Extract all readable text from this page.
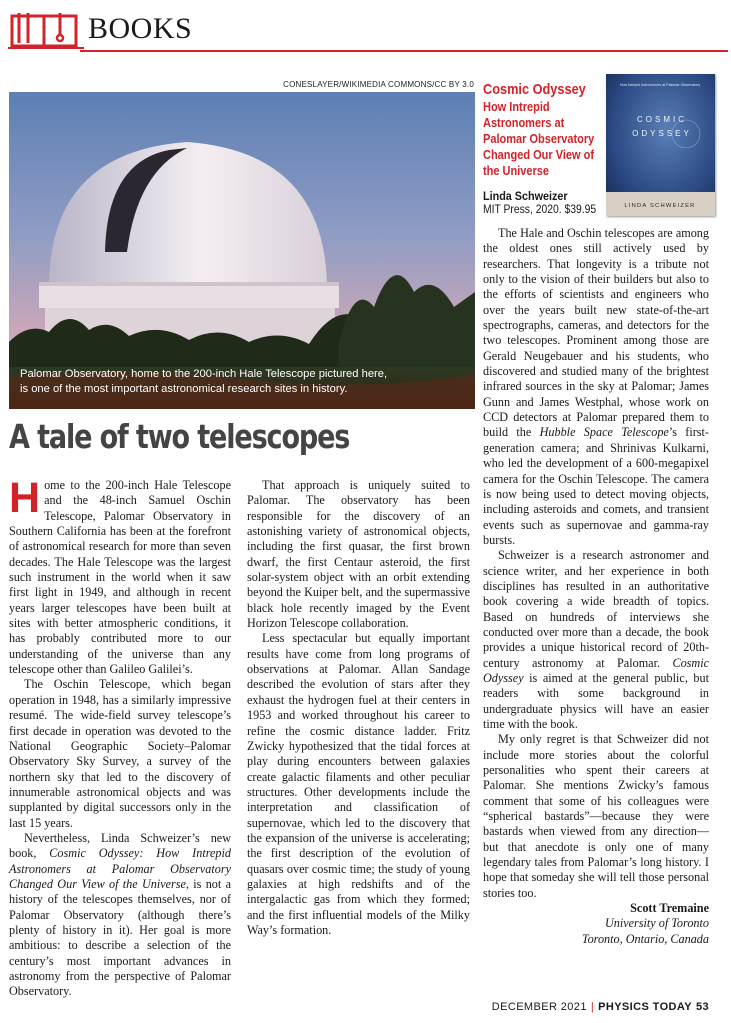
BOOKS
CONESLAYER/WIKIMEDIA COMMONS/CC BY 3.0
Palomar Observatory, home to the 200-inch Hale Telescope pictured here,
is one of the most important astronomical research sites in history.
A tale of two telescopes
Cosmic Odyssey
How Intrepid Astronomers at Palomar Observatory Changed Our View of the Universe
Linda Schweizer
MIT Press, 2020. $39.95
How Intrepid Astronomers at Palomar Observatory
COSMIC
ODYSSEY
LINDA SCHWEIZER

Home to the 200-inch Hale Telescope and the 48-inch Samuel Oschin Telescope, Palomar Observatory in Southern California has been at the forefront of astronomical research for more than seven decades. The Hale Telescope was the largest such instrument in the world when it saw first light in 1949, and although in recent years larger telescopes have been built at sites with better atmospheric conditions, it has probably contributed more to our understanding of the universe than any telescope other than Galileo Galilei’s.

The Oschin Telescope, which began operation in 1948, has a similarly impressive resumé. The wide-field survey telescope’s first decade in operation was devoted to the National Geographic Society–Palomar Observatory Sky Survey, a survey of the northern sky that led to the discovery of innumerable astronomical objects and was supplanted by digital successors only in the last 15 years.

Nevertheless, Linda Schweizer’s new book, Cosmic Odyssey: How Intrepid Astronomers at Palomar Observatory Changed Our View of the Universe, is not a history of the telescopes themselves, nor of Palomar Observatory (although there’s plenty of history in it). Her goal is more ambitious: to describe a selection of the century’s most important advances in astronomy from the perspective of Palomar Observatory.

That approach is uniquely suited to Palomar. The observatory has been responsible for the discovery of an astonishing variety of astronomical objects, including the first quasar, the first brown dwarf, the first Centaur asteroid, the first solar-system object with an orbit extending beyond the Kuiper belt, and the supermassive black hole recently imaged by the Event Horizon Telescope collaboration.

Less spectacular but equally important results have come from long programs of observations at Palomar. Allan Sandage described the evolution of stars after they exhaust the hydrogen fuel at their centers in 1953 and worked throughout his career to refine the cosmic distance ladder. Fritz Zwicky hypothesized that the tidal forces at play during encounters between galaxies create galactic filaments and other peculiar structures. Other developments include the interpretation and classification of supernovae, which led to the discovery that the expansion of the universe is accelerating; the first description of the evolution of quasars over cosmic time; the study of young galaxies at high redshifts and of the intergalactic gas from which they formed; and the first influential models of the Milky Way’s formation.

The Hale and Oschin telescopes are among the oldest ones still actively used by researchers. That longevity is a tribute not only to the vision of their builders but also to the efforts of scientists and engineers who over the years built new state-of-the-art spectrographs, cameras, and detectors for the two telescopes. Prominent among those are Gerald Neugebauer and his students, who discovered and studied many of the brightest infrared sources in the sky at Palomar; James Gunn and James Westphal, whose work on CCD detectors at Palomar prepared them to build the Hubble Space Telescope’s first-generation camera; and Shrinivas Kulkarni, who led the development of a 600-megapixel camera for the Oschin Telescope. The camera is now being used to detect moving objects, including asteroids and comets, and transient events such as supernovae and gamma-ray bursts.

Schweizer is a research astronomer and science writer, and her experience in both disciplines has resulted in an authoritative book covering a wide breadth of topics. Based on hundreds of interviews she conducted over more than a decade, the book provides a unique historical record of 20th-century astronomy at Palomar. Cosmic Odyssey is aimed at the general public, but readers with some background in undergraduate physics will have an easier time with the book.

My only regret is that Schweizer did not include more stories about the colorful personalities who spent their careers at Palomar. She mentions Zwicky’s famous comment that some of his colleagues were “spherical bastards”—because they were bastards when viewed from any direction—but that anecdote is only one of many legendary tales from Palomar’s long history. I hope that someday she will tell those personal stories too.

Scott Tremaine
University of Toronto
Toronto, Ontario, Canada
DECEMBER 2021 | PHYSICS TODAY 53
